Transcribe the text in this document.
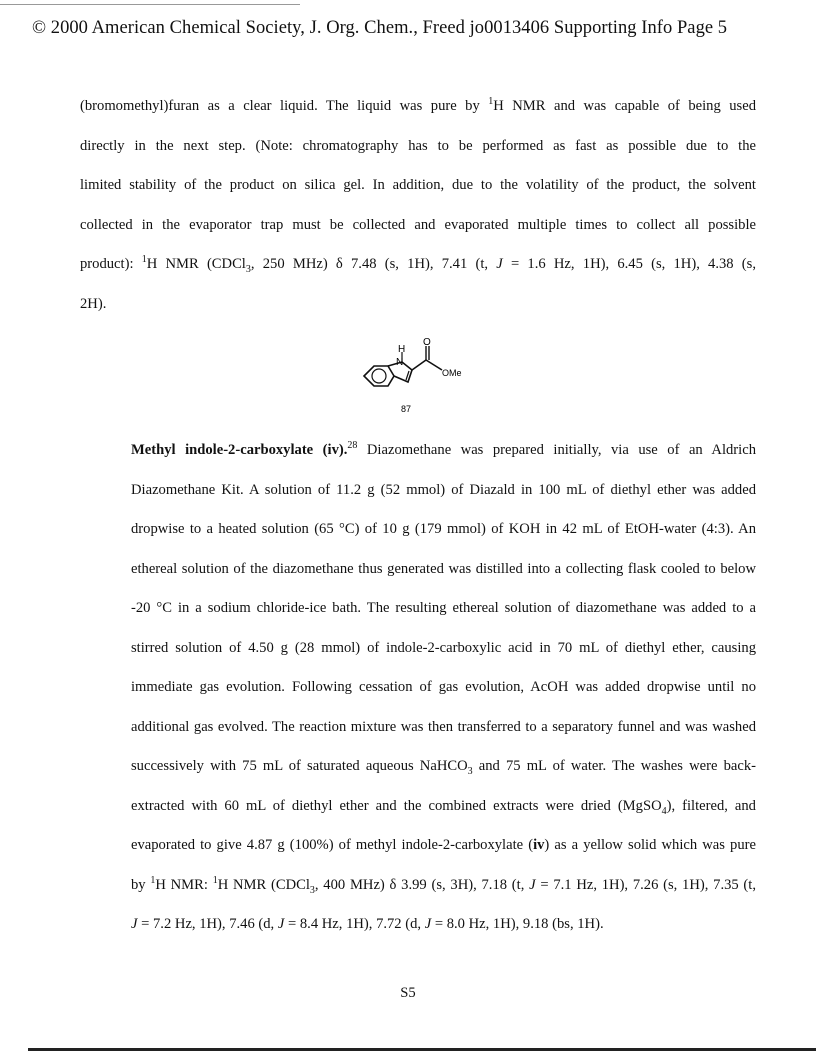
© 2000 American Chemical Society, J. Org. Chem., Freed jo0013406 Supporting Info Page 5
(bromomethyl)furan as a clear liquid. The liquid was pure by $^1$H NMR and was capable of being used
directly in the next step. (Note: chromatography has to be performed as fast as possible due to the
limited stability of the product on silica gel. In addition, due to the volatility of the product, the solvent
collected in the evaporator trap must be collected and evaporated multiple times to collect all possible
product): $^1$H NMR (CDCl$_3$, 250 MHz) δ 7.48 (s, 1H), 7.41 (t, J = 1.6 Hz, 1H), 6.45 (s, 1H), 4.38 (s,
2H).
H
N
O
OMe
87
Methyl indole-2-carboxylate (iv).$^{28}$ Diazomethane was prepared initially, via use of an Aldrich
Diazomethane Kit. A solution of 11.2 g (52 mmol) of Diazald in 100 mL of diethyl ether was added
dropwise to a heated solution (65 °C) of 10 g (179 mmol) of KOH in 42 mL of EtOH-water (4:3). An
ethereal solution of the diazomethane thus generated was distilled into a collecting flask cooled to below
-20 °C in a sodium chloride-ice bath. The resulting ethereal solution of diazomethane was added to a
stirred solution of 4.50 g (28 mmol) of indole-2-carboxylic acid in 70 mL of diethyl ether, causing
immediate gas evolution. Following cessation of gas evolution, AcOH was added dropwise until no
additional gas evolved. The reaction mixture was then transferred to a separatory funnel and was washed
successively with 75 mL of saturated aqueous NaHCO$_3$ and 75 mL of water. The washes were back-
extracted with 60 mL of diethyl ether and the combined extracts were dried (MgSO$_4$), filtered, and
evaporated to give 4.87 g (100%) of methyl indole-2-carboxylate (iv) as a yellow solid which was pure
by $^1$H NMR: $^1$H NMR (CDCl$_3$, 400 MHz) δ 3.99 (s, 3H), 7.18 (t, J = 7.1 Hz, 1H), 7.26 (s, 1H), 7.35 (t,
J = 7.2 Hz, 1H), 7.46 (d, J = 8.4 Hz, 1H), 7.72 (d, J = 8.0 Hz, 1H), 9.18 (bs, 1H).
S5
